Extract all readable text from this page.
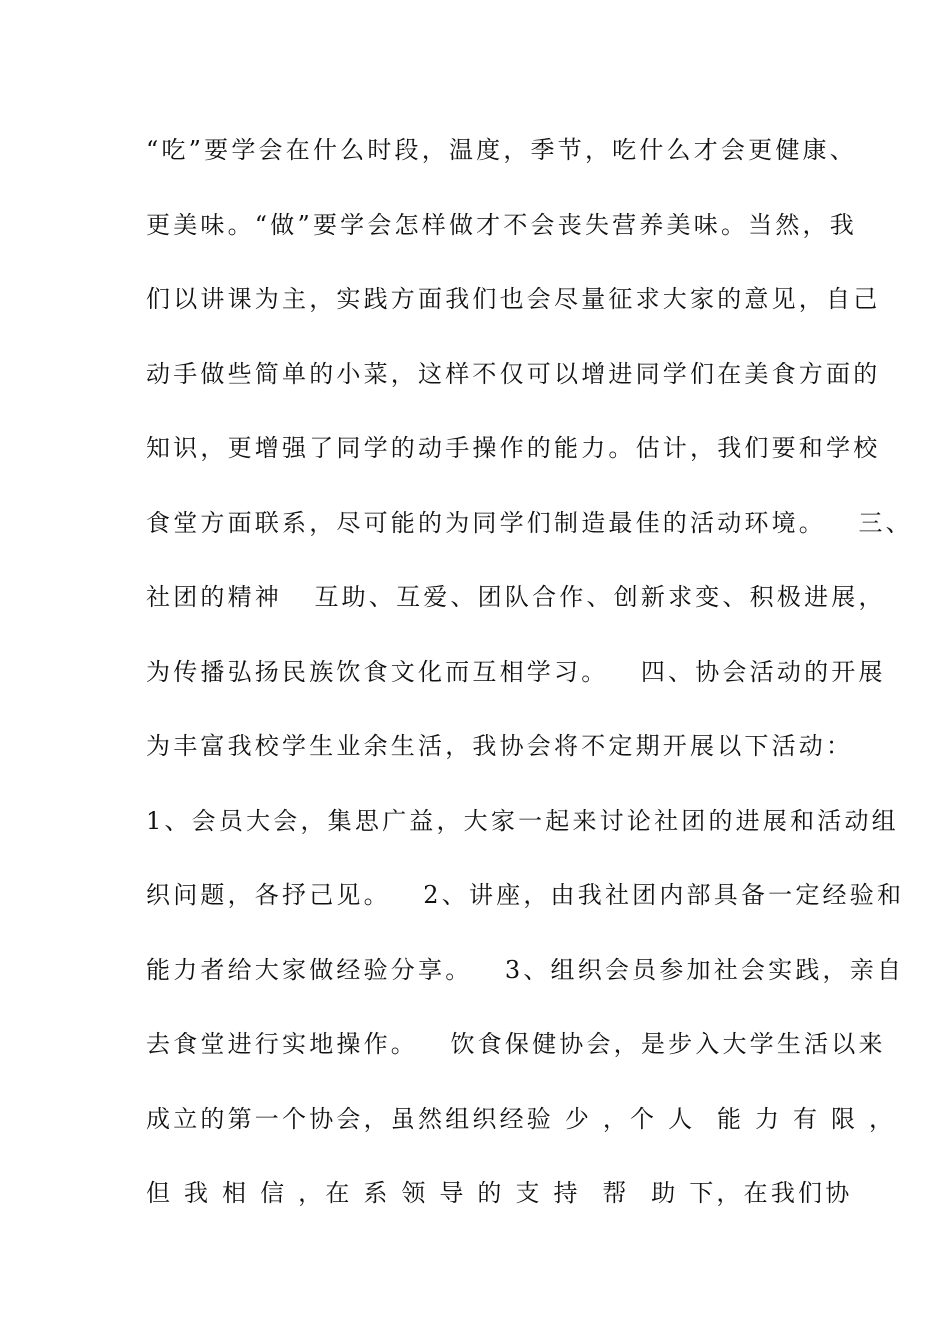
“吃”要学会在什么时段，温度，季节，吃什么才会更健康、
更美味。“做”要学会怎样做才不会丧失营养美味。当然，我
们以讲课为主，实践方面我们也会尽量征求大家的意见，自己
动手做些简单的小菜，这样不仅可以增进同学们在美食方面的
知识，更增强了同学的动手操作的能力。估计，我们要和学校
食堂方面联系，尽可能的为同学们制造最佳的活动环境。   三、
社团的精神   互助、互爱、团队合作、创新求变、积极进展，
为传播弘扬民族饮食文化而互相学习。   四、协会活动的开展
为丰富我校学生业余生活，我协会将不定期开展以下活动：
1、会员大会，集思广益，大家一起来讨论社团的进展和活动组
织问题，各抒己见。   2、讲座，由我社团内部具备一定经验和
能力者给大家做经验分享。   3、组织会员参加社会实践，亲自
去食堂进行实地操作。   饮食保健协会，是步入大学生活以来
成立的第一个协会，虽然组织经验 少 ，个 人  能 力 有 限 ，
但 我 相 信 ，在 系 领 导 的 支 持  帮  助 下，在我们协
